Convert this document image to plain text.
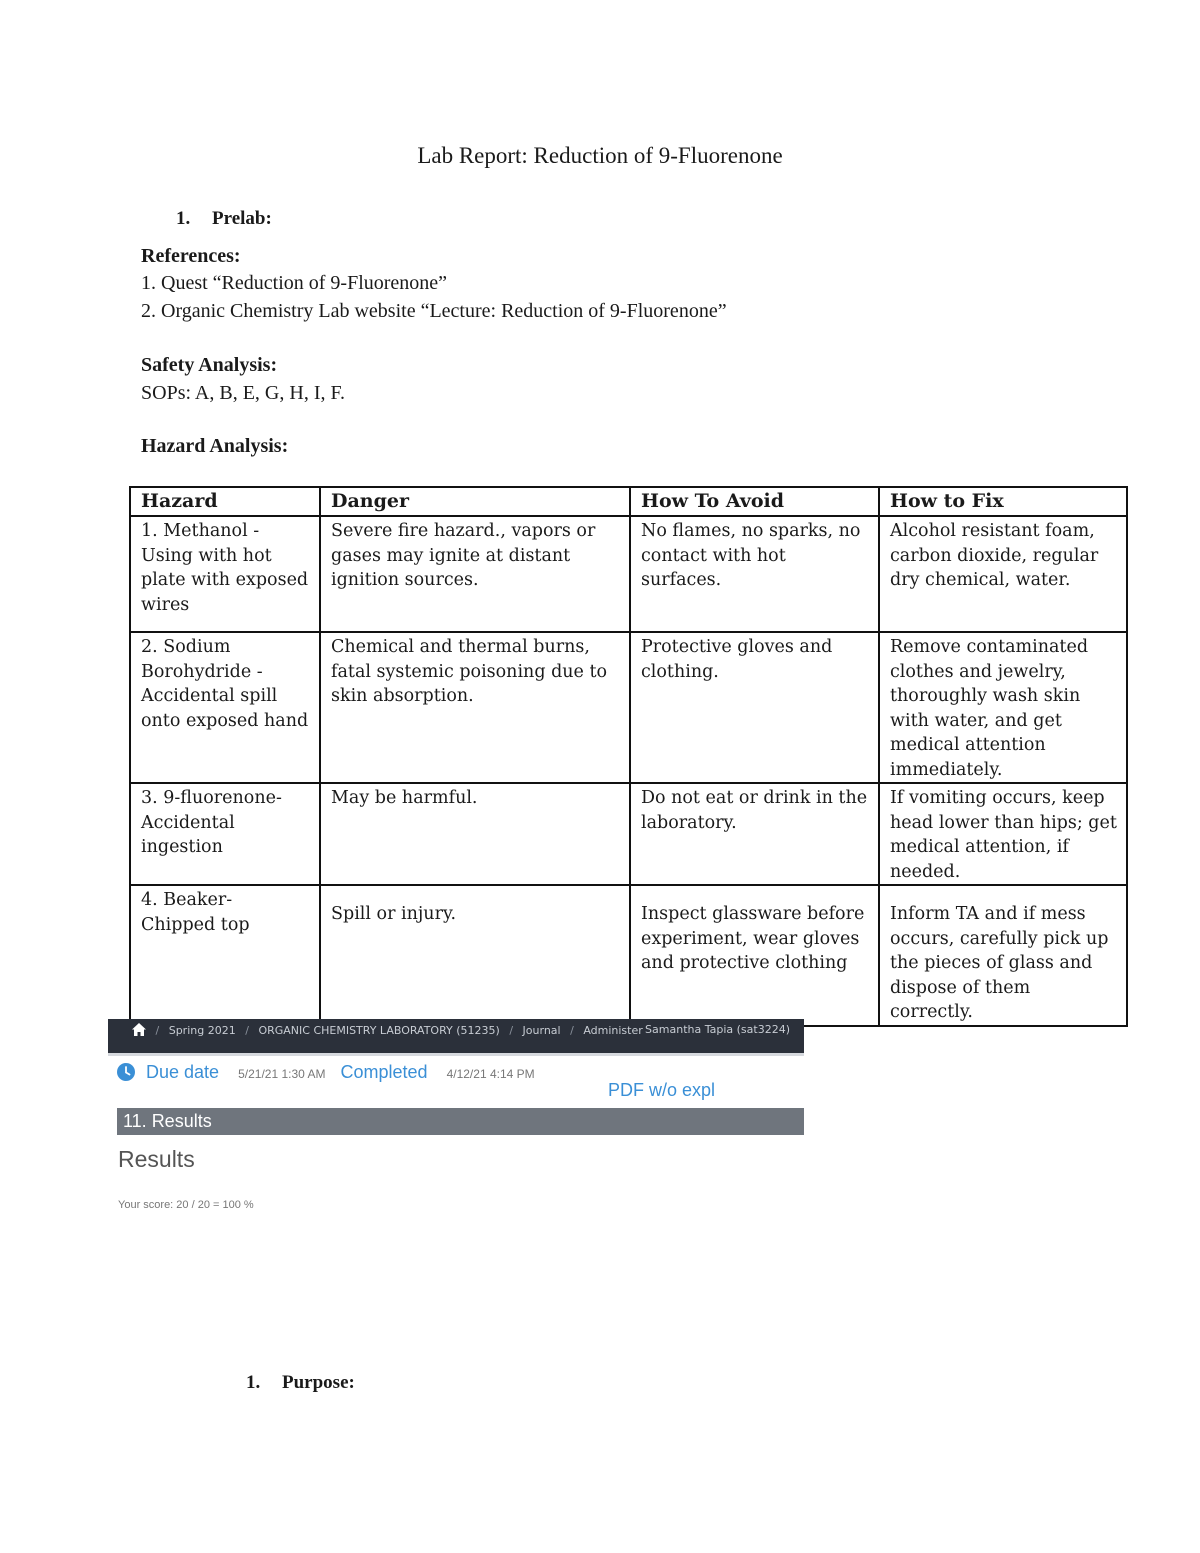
Lab Report: Reduction of 9-Fluorenone
1. Prelab:
References:
1. Quest “Reduction of 9-Fluorenone”
2. Organic Chemistry Lab website “Lecture: Reduction of 9-Fluorenone”
Safety Analysis:
SOPs: A, B, E, G, H, I, F.
Hazard Analysis:
Hazard	Danger	How To Avoid	How to Fix
1. Methanol - Using with hot plate with exposed wires	Severe fire hazard., vapors or gases may ignite at distant ignition sources.	No flames, no sparks, no contact with hot surfaces.	Alcohol resistant foam, carbon dioxide, regular dry chemical, water.
2. Sodium Borohydride - Accidental spill onto exposed hand	Chemical and thermal burns, fatal systemic poisoning due to skin absorption.	Protective gloves and clothing.	Remove contaminated clothes and jewelry, thoroughly wash skin with water, and get medical attention immediately.
3. 9-fluorenone- Accidental ingestion	May be harmful.	Do not eat or drink in the laboratory.	If vomiting occurs, keep head lower than hips; get medical attention, if needed.
4. Beaker- Chipped top	Spill or injury.	Inspect glassware before experiment, wear gloves and protective clothing	Inform TA and if mess occurs, carefully pick up the pieces of glass and dispose of them correctly.
/ Spring 2021 / ORGANIC CHEMISTRY LABORATORY (51235) / Journal / Administer Samantha Tapia (sat3224)
Due date 5/21/21 1:30 AM Completed 4/12/21 4:14 PM
PDF w/o expl
11. Results
Results
Your score: 20 / 20 = 100 %
1. Purpose:
